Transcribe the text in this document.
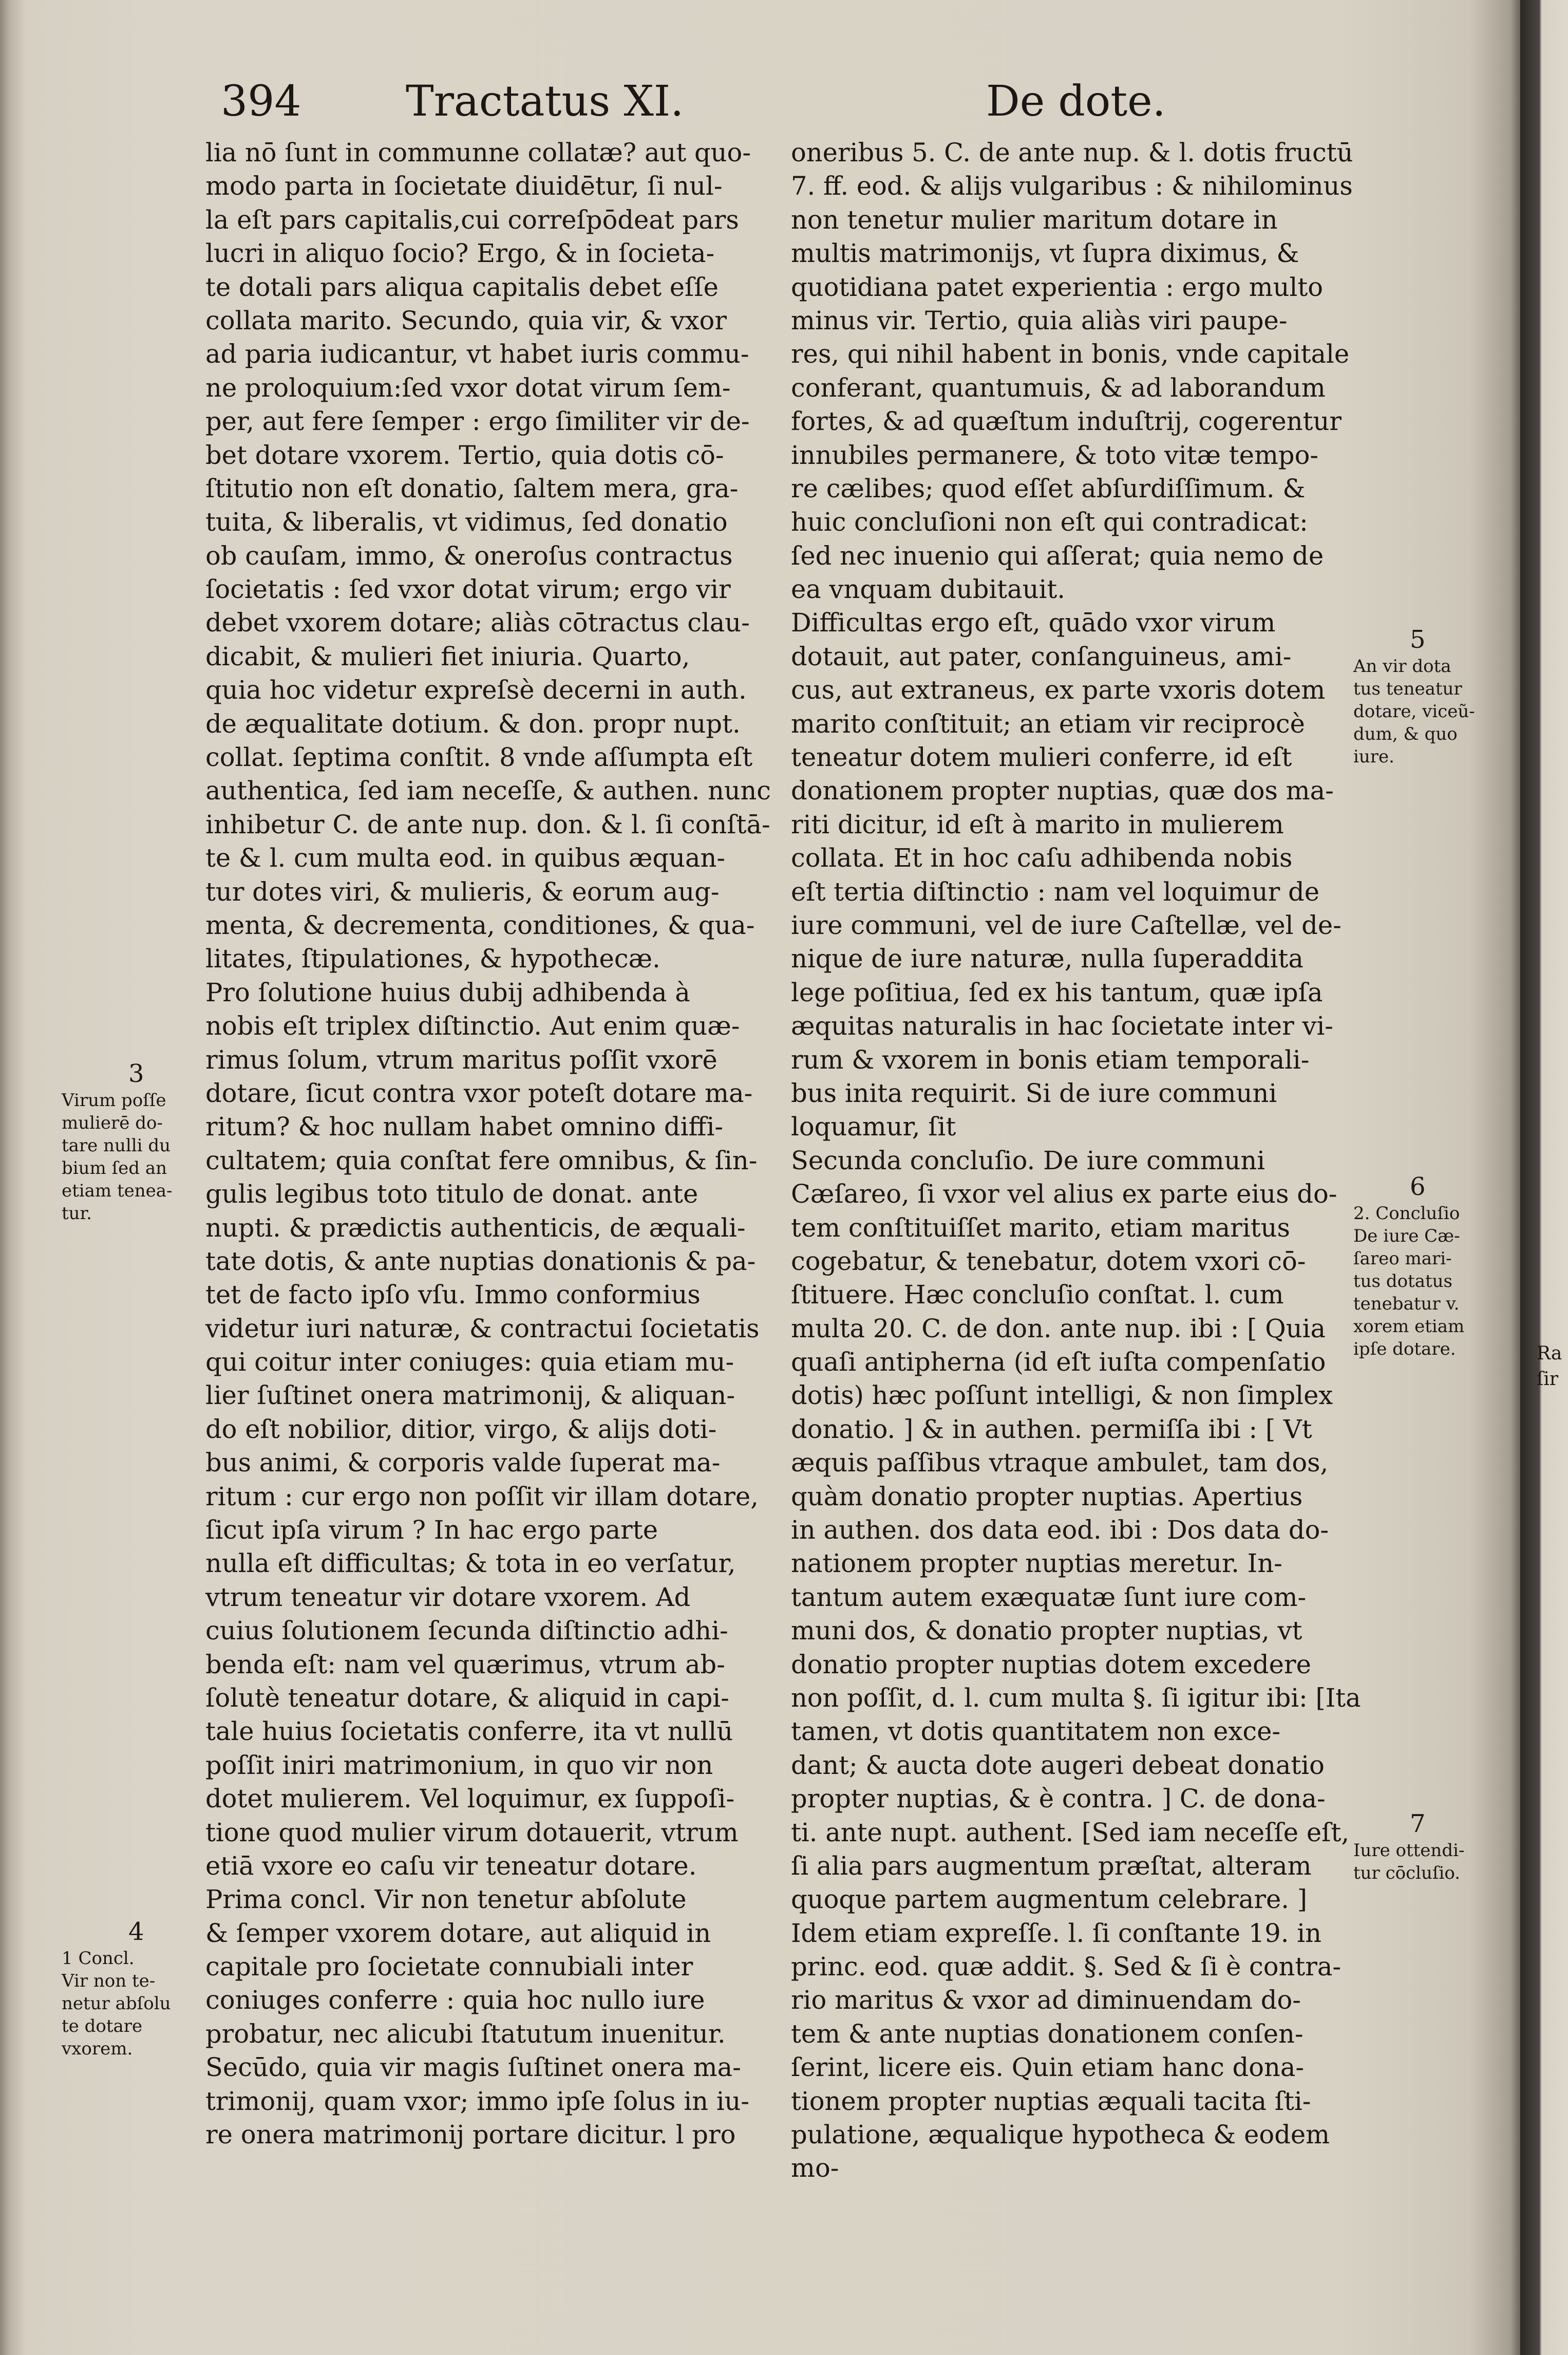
394 Tractatus XI.	De dote.
lia nō ſunt in communne collatæ? aut quo-
modo parta in ſocietate diuidētur, ſi nul-
la eſt pars capitalis,cui correſpōdeat pars
lucri in aliquo ſocio? Ergo, & in ſocieta-
te dotali pars aliqua capitalis debet eſſe
collata marito. Secundo, quia vir, & vxor
ad paria iudicantur, vt habet iuris commu-
ne proloquium:ſed vxor dotat virum ſem-
per, aut fere ſemper : ergo ſimiliter vir de-
bet dotare vxorem. Tertio, quia dotis cō-
ſtitutio non eſt donatio, ſaltem mera, gra-
tuita, & liberalis, vt vidimus, ſed donatio
ob cauſam, immo, & oneroſus contractus
ſocietatis : ſed vxor dotat virum; ergo vir
debet vxorem dotare; aliàs cōtractus clau-
dicabit, & mulieri fiet iniuria. Quarto,
quia hoc videtur expreſsè decerni in auth.
de æqualitate dotium. & don. propr nupt.
collat. ſeptima conſtit. 8 vnde aſſumpta eſt
authentica, ſed iam neceſſe, & authen. nunc
inhibetur C. de ante nup. don. & l. ſi conſtā-
te & l. cum multa eod. in quibus æquan-
tur dotes viri, & mulieris, & eorum aug-
menta, & decrementa, conditiones, & qua-
litates, ſtipulationes, & hypothecæ.
Pro ſolutione huius dubij adhibenda à
nobis eſt triplex diſtinctio. Aut enim quæ-
rimus ſolum, vtrum maritus poſſit vxorē
dotare, ſicut contra vxor poteſt dotare ma-
ritum? & hoc nullam habet omnino diffi-
cultatem; quia conſtat fere omnibus, & ſin-
gulis legibus toto titulo de donat. ante
nupti. & prædictis authenticis, de æquali-
tate dotis, & ante nuptias donationis & pa-
tet de facto ipſo vſu. Immo conformius
videtur iuri naturæ, & contractui ſocietatis
qui coitur inter coniuges: quia etiam mu-
lier ſuſtinet onera matrimonij, & aliquan-
do eſt nobilior, ditior, virgo, & alijs doti-
bus animi, & corporis valde ſuperat ma-
ritum : cur ergo non poſſit vir illam dotare,
ſicut ipſa virum ? In hac ergo parte
nulla eſt difficultas; & tota in eo verſatur,
vtrum teneatur vir dotare vxorem. Ad
cuius ſolutionem ſecunda diſtinctio adhi-
benda eſt: nam vel quærimus, vtrum ab-
ſolutè teneatur dotare, & aliquid in capi-
tale huius ſocietatis conferre, ita vt nullū
poſſit iniri matrimonium, in quo vir non
dotet mulierem. Vel loquimur, ex ſuppoſi-
tione quod mulier virum dotauerit, vtrum
etiā vxore eo caſu vir teneatur dotare.
Prima concl. Vir non tenetur abſolute
& ſemper vxorem dotare, aut aliquid in
capitale pro ſocietate connubiali inter
coniuges conferre : quia hoc nullo iure
probatur, nec alicubi ſtatutum inuenitur.
Secūdo, quia vir magis ſuſtinet onera ma-
trimonij, quam vxor; immo ipſe ſolus in iu-
re onera matrimonij portare dicitur. l pro
oneribus 5. C. de ante nup. & l. dotis fructū
7. ff. eod. & alijs vulgaribus : & nihilominus
non tenetur mulier maritum dotare in
multis matrimonijs, vt ſupra diximus, &
quotidiana patet experientia : ergo multo
minus vir. Tertio, quia aliàs viri paupe-
res, qui nihil habent in bonis, vnde capitale
conferant, quantumuis, & ad laborandum
fortes, & ad quæſtum induſtrij, cogerentur
innubiles permanere, & toto vitæ tempo-
re cælibes; quod eſſet abſurdiſſimum. &
huic concluſioni non eſt qui contradicat:
ſed nec inuenio qui aſſerat; quia nemo de
ea vnquam dubitauit.
Difficultas ergo eſt, quādo vxor virum
dotauit, aut pater, conſanguineus, ami-
cus, aut extraneus, ex parte vxoris dotem
marito conſtituit; an etiam vir reciprocè
teneatur dotem mulieri conferre, id eſt
donationem propter nuptias, quæ dos ma-
riti dicitur, id eſt à marito in mulierem
collata. Et in hoc caſu adhibenda nobis
eſt tertia diſtinctio : nam vel loquimur de
iure communi, vel de iure Caſtellæ, vel de-
nique de iure naturæ, nulla ſuperaddita
lege poſitiua, ſed ex his tantum, quæ ipſa
æquitas naturalis in hac ſocietate inter vi-
rum & vxorem in bonis etiam temporali-
bus inita requirit. Si de iure communi
loquamur, ſit
Secunda concluſio. De iure communi
Cæſareo, ſi vxor vel alius ex parte eius do-
tem conſtituiſſet marito, etiam maritus
cogebatur, & tenebatur, dotem vxori cō-
ſtituere. Hæc concluſio conſtat. l. cum
multa 20. C. de don. ante nup. ibi : [ Quia
quaſi antipherna (id eſt iuſta compenſatio
dotis) hæc poſſunt intelligi, & non ſimplex
donatio. ] & in authen. permiſſa ibi : [ Vt
æquis paſſibus vtraque ambulet, tam dos,
quàm donatio propter nuptias. Apertius
in authen. dos data eod. ibi : Dos data do-
nationem propter nuptias meretur. In-
tantum autem exæquatæ ſunt iure com-
muni dos, & donatio propter nuptias, vt
donatio propter nuptias dotem excedere
non poſſit, d. l. cum multa §. ſi igitur ibi: [Ita
tamen, vt dotis quantitatem non exce-
dant; & aucta dote augeri debeat donatio
propter nuptias, & è contra. ] C. de dona-
ti. ante nupt. authent. [Sed iam neceſſe eſt,
ſi alia pars augmentum præſtat, alteram
quoque partem augmentum celebrare. ]
Idem etiam expreſſe. l. ſi conſtante 19. in
princ. eod. quæ addit. §. Sed & ſi è contra-
rio maritus & vxor ad diminuendam do-
tem & ante nuptias donationem conſen-
ſerint, licere eis. Quin etiam hanc dona-
tionem propter nuptias æquali tacita ſti-
pulatione, æqualique hypotheca & eodem
mo-
3
Virum poſſe
mulierē do-
tare nulli du
bium ſed an
etiam tenea-
tur.
4
1 Concl.
Vir non te-
netur abſolu
te dotare
vxorem.
5
An vir dota
tus teneatur
dotare, viceũ-
dum, & quo
iure.
6
2. Concluſio
De iure Cæ-
ſareo mari-
tus dotatus
tenebatur v.
xorem etiam
ipſe dotare.
7
Iure ottendi-
tur cōcluſio.
Ra
ſir
